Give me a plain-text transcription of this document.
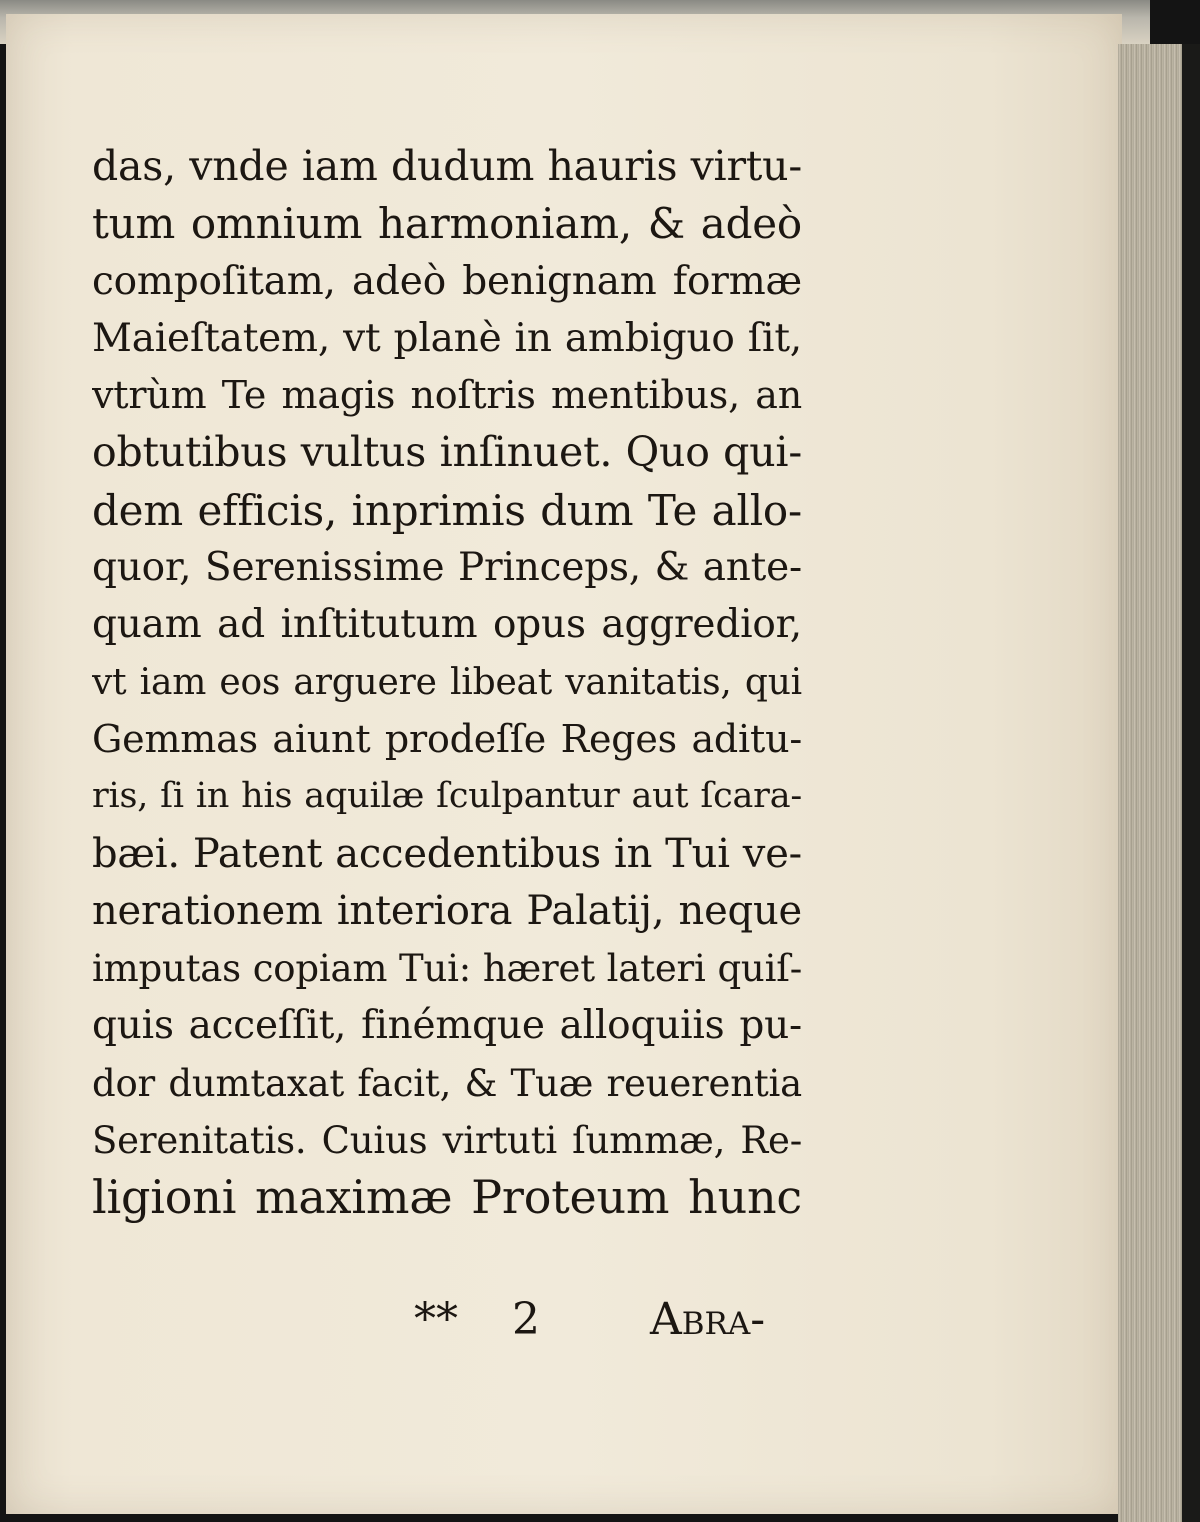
das, vnde iam dudum hauris virtu-
tum omnium harmoniam, & adeò
compoſitam, adeò benignam formæ
Maieſtatem, vt planè in ambiguo ſit,
vtrùm Te magis noſtris mentibus, an
obtutibus vultus inſinuet. Quo qui-
dem efficis, inprimis dum Te allo-
quor, Serenissime Princeps, & ante-
quam ad inſtitutum opus aggredior,
vt iam eos arguere libeat vanitatis, qui
Gemmas aiunt prodeſſe Reges aditu-
ris, ſi in his aquilæ ſculpantur aut ſcara-
bæi. Patent accedentibus in Tui ve-
nerationem interiora Palatij, neque
imputas copiam Tui: hæret lateri quiſ-
quis acceſſit, finémque alloquiis pu-
dor dumtaxat facit, & Tuæ reuerentia
Serenitatis. Cuius virtuti ſummæ, Re-
ligioni maximæ Proteum hunc
** 2	Abra-
